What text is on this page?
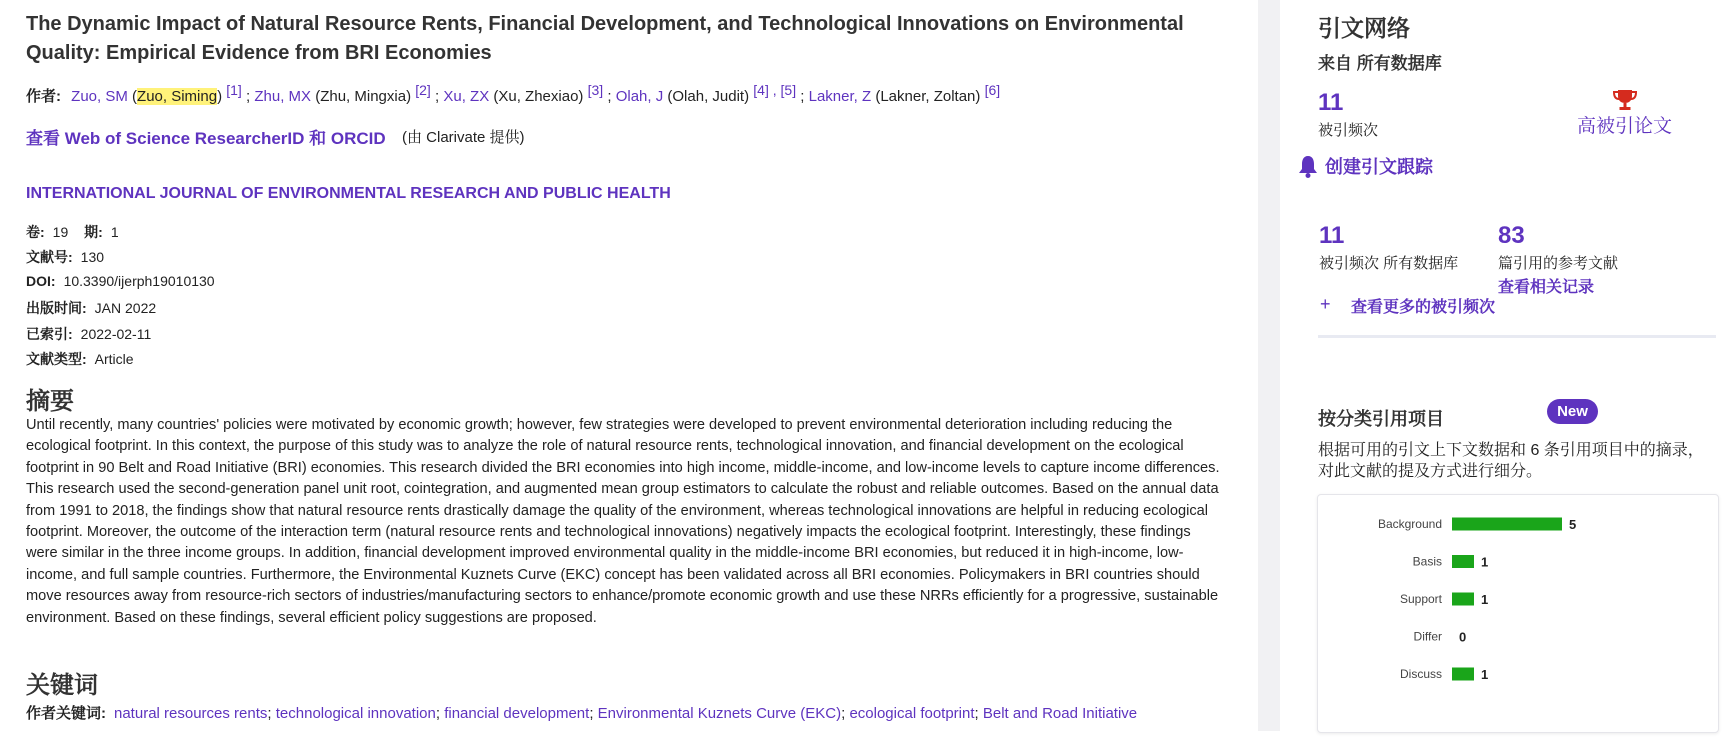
The Dynamic Impact of Natural Resource Rents, Financial Development, and Technological Innovations on Environmental Quality: Empirical Evidence from BRI Economies
作者: Zuo, SM (Zuo, Siming) [1] ; Zhu, MX (Zhu, Mingxia) [2] ; Xu, ZX (Xu, Zhexiao) [3] ; Olah, J (Olah, Judit) [4] , [5] ; Lakner, Z (Lakner, Zoltan) [6]
查看 Web of Science ResearcherID 和 ORCID (由 Clarivate 提供)
INTERNATIONAL JOURNAL OF ENVIRONMENTAL RESEARCH AND PUBLIC HEALTH
卷: 19 期: 1
文献号: 130
DOI: 10.3390/ijerph19010130
出版时间: JAN 2022
已索引: 2022-02-11
文献类型: Article
摘要
Until recently, many countries' policies were motivated by economic growth; however, few strategies were developed to prevent environmental deterioration including reducing the ecological footprint. In this context, the purpose of this study was to analyze the role of natural resource rents, technological innovation, and financial development on the ecological footprint in 90 Belt and Road Initiative (BRI) economies. This research divided the BRI economies into high income, middle-income, and low-income levels to capture income differences. This research used the second-generation panel unit root, cointegration, and augmented mean group estimators to calculate the robust and reliable outcomes. Based on the annual data from 1991 to 2018, the findings show that natural resource rents drastically damage the quality of the environment, whereas technological innovations are helpful in reducing ecological footprint. Moreover, the outcome of the interaction term (natural resource rents and technological innovations) negatively impacts the ecological footprint. Interestingly, these findings were similar in the three income groups. In addition, financial development improved environmental quality in the middle-income BRI economies, but reduced it in high-income, low-income, and full sample countries. Furthermore, the Environmental Kuznets Curve (EKC) concept has been validated across all BRI economies. Policymakers in BRI countries should move resources away from resource-rich sectors of industries/manufacturing sectors to enhance/promote economic growth and use these NRRs efficiently for a progressive, sustainable environment. Based on these findings, several efficient policy suggestions are proposed.
关键词
作者关键词: natural resources rents; technological innovation; financial development; Environmental Kuznets Curve (EKC); ecological footprint; Belt and Road Initiative
引文网络
来自 所有数据库
11
被引频次	高被引论文
创建引文跟踪
11
被引频次 所有数据库
83
篇引用的参考文献
查看相关记录
+ 查看更多的被引频次
按分类引用项目	New
根据可用的引文上下文数据和 6 条引用项目中的摘录，对此文献的提及方式进行细分。
Background	5
Basis	1
Support	1
Differ 0
Discuss	1
